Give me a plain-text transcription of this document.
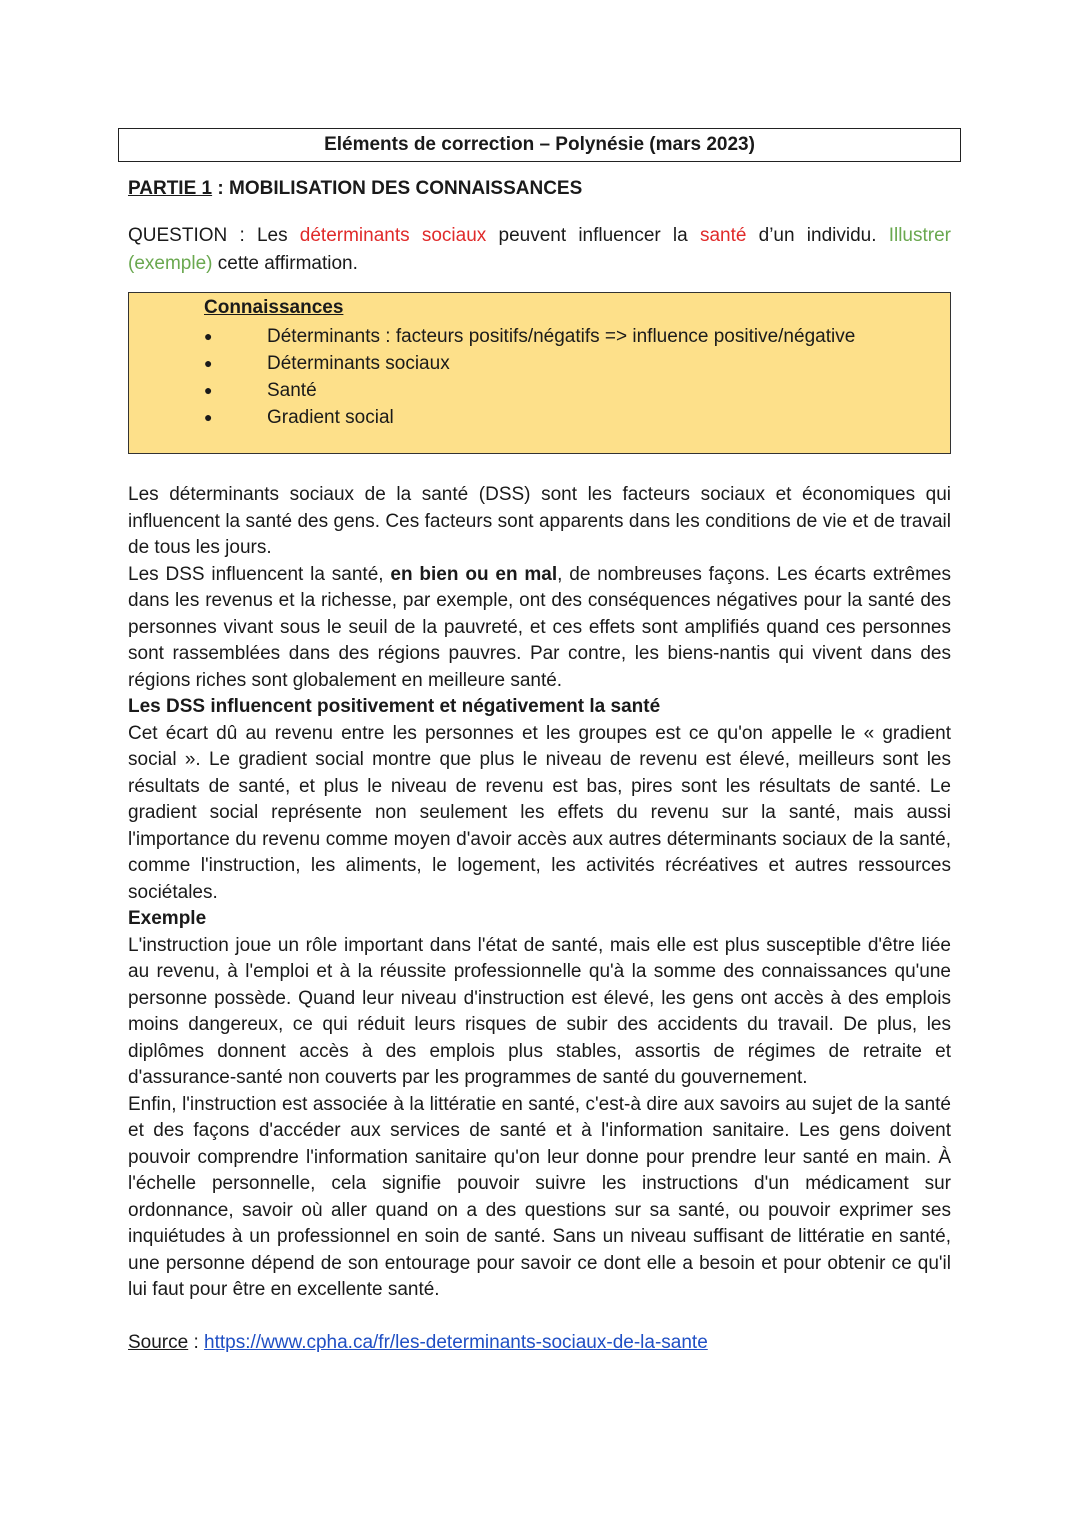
Eléments de correction – Polynésie (mars 2023)
PARTIE 1 : MOBILISATION DES CONNAISSANCES
QUESTION : Les déterminants sociaux peuvent influencer la santé d’un individu. Illustrer (exemple) cette affirmation.
Connaissances
●	Déterminants : facteurs positifs/négatifs => influence positive/négative
●	Déterminants sociaux
●	Santé
●	Gradient social

Les déterminants sociaux de la santé (DSS) sont les facteurs sociaux et économiques qui influencent la santé des gens. Ces facteurs sont apparents dans les conditions de vie et de travail de tous les jours.

Les DSS influencent la santé, en bien ou en mal, de nombreuses façons. Les écarts extrêmes dans les revenus et la richesse, par exemple, ont des conséquences négatives pour la santé des personnes vivant sous le seuil de la pauvreté, et ces effets sont amplifiés quand ces personnes sont rassemblées dans des régions pauvres. Par contre, les biens-nantis qui vivent dans des régions riches sont globalement en meilleure santé.

Les DSS influencent positivement et négativement la santé

Cet écart dû au revenu entre les personnes et les groupes est ce qu'on appelle le « gradient social ». Le gradient social montre que plus le niveau de revenu est élevé, meilleurs sont les résultats de santé, et plus le niveau de revenu est bas, pires sont les résultats de santé. Le gradient social représente non seulement les effets du revenu sur la santé, mais aussi l'importance du revenu comme moyen d'avoir accès aux autres déterminants sociaux de la santé, comme l'instruction, les aliments, le logement, les activités récréatives et autres ressources sociétales.

Exemple

L'instruction joue un rôle important dans l'état de santé, mais elle est plus susceptible d'être liée au revenu, à l'emploi et à la réussite professionnelle qu'à la somme des connaissances qu'une personne possède. Quand leur niveau d'instruction est élevé, les gens ont accès à des emplois moins dangereux, ce qui réduit leurs risques de subir des accidents du travail. De plus, les diplômes donnent accès à des emplois plus stables, assortis de régimes de retraite et d'assurance-santé non couverts par les programmes de santé du gouvernement.

Enfin, l'instruction est associée à la littératie en santé, c'est-à dire aux savoirs au sujet de la santé et des façons d'accéder aux services de santé et à l'information sanitaire. Les gens doivent pouvoir comprendre l'information sanitaire qu'on leur donne pour prendre leur santé en main. À l'échelle personnelle, cela signifie pouvoir suivre les instructions d'un médicament sur ordonnance, savoir où aller quand on a des questions sur sa santé, ou pouvoir exprimer ses inquiétudes à un professionnel en soin de santé. Sans un niveau suffisant de littératie en santé, une personne dépend de son entourage pour savoir ce dont elle a besoin et pour obtenir ce qu'il lui faut pour être en excellente santé.

Source : https://www.cpha.ca/fr/les-determinants-sociaux-de-la-sante
